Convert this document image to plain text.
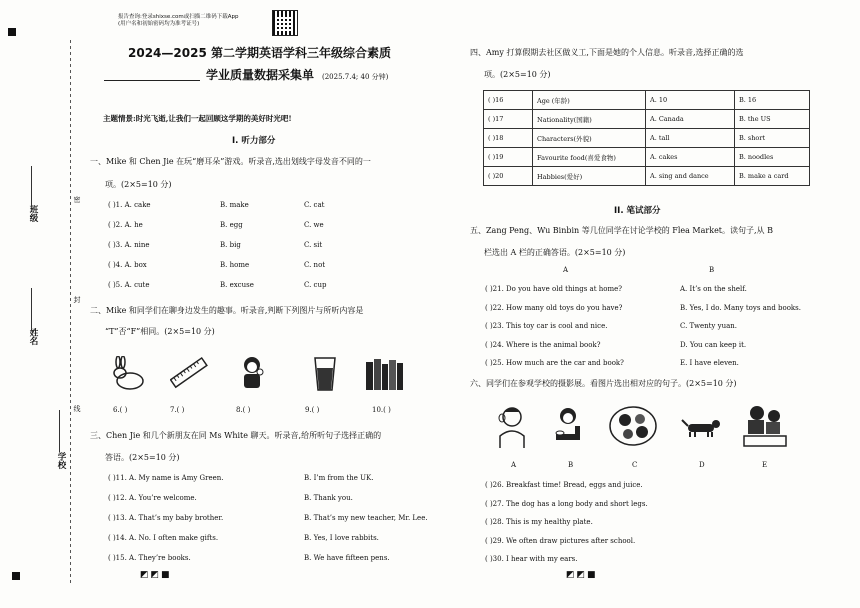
报告查询:登录shixse.com或扫描二维码下载App
(用户名和初始密码均为准考证号)
2024—2025 第二学期英语学科三年级综合素质
学业质量数据采集单 (2025.7.4; 40 分钟)
主题情景:时光飞逝,让我们一起回顾这学期的美好时光吧!
班级
密
姓名
封
线
学校
I. 听力部分
一、Mike 和 Chen Jie 在玩“磨耳朵”游戏。听录音,选出划线字母发音不同的一
项。(2×5=10 分)
( )1. A. cake	B. make	C. cat
( )2. A. he	B. egg	C. we
( )3. A. nine	B. big	C. sit
( )4. A. box	B. home	C. not
( )5. A. cute	B. excuse	C. cup
二、Mike 和同学们在聊身边发生的趣事。听录音,判断下列图片与所听内容是
“T”否“F”相同。(2×5=10 分)
6.( )	7.( )	8.( )	9.( )	10.( )
三、Chen Jie 和几个新朋友在同 Ms White 聊天。听录音,给所听句子选择正确的
答语。(2×5=10 分)
( )11. A. My name is Amy Green.	B. I’m from the UK.
( )12. A. You’re welcome.	B. Thank you.
( )13. A. That’s my baby brother.	B. That’s my new teacher, Mr. Lee.
( )14. A. No. I often make gifts.	B. Yes, I love rabbits.
( )15. A. They’re books.	B. We have fifteen pens.
◩◩■
四、Amy 打算假期去社区做义工,下面是她的个人信息。听录音,选择正确的选
项。(2×5=10 分)
( )16	Age (年龄)	A. 10	B. 16
( )17	Nationality(国籍)	A. Canada	B. the US
( )18	Characters(外貌)	A. tall	B. short
( )19	Favourite food(喜爱食物)	A. cakes	B. noodles
( )20	Habbies(爱好)	A. sing and dance	B. make a card
II. 笔试部分
五、Zang Peng、Wu Binbin 等几位同学在讨论学校的 Flea Market。读句子,从 B
栏选出 A 栏的正确答语。(2×5=10 分)
A	B
( )21. Do you have old things at home?	A. It’s on the shelf.
( )22. How many old toys do you have?	B. Yes, I do. Many toys and books.
( )23. This toy car is cool and nice.	C. Twenty yuan.
( )24. Where is the animal book?	D. You can keep it.
( )25. How much are the car and book?	E. I have eleven.
六、同学们在参观学校的摄影展。看图片选出相对应的句子。(2×5=10 分)
A	B	C	D	E
( )26. Breakfast time! Bread, eggs and juice.
( )27. The dog has a long body and short legs.
( )28. This is my healthy plate.
( )29. We often draw pictures after school.
( )30. I hear with my ears.
◩◩■
